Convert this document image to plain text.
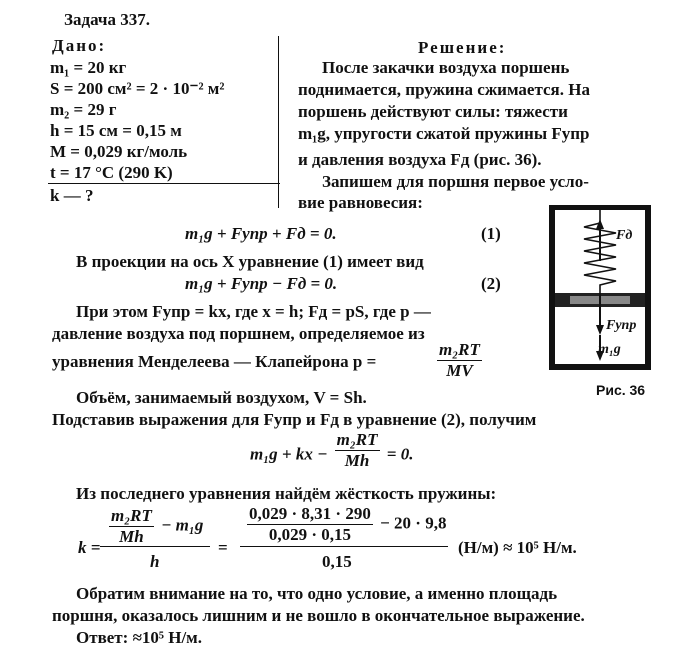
Задача 337.
Дано:
m₁ = 20 кг
S = 200 см² = 2 · 10⁻² м²
m₂ = 29 г
h = 15 см = 0,15 м
M = 0,029 кг/моль
t = 17 °C (290 K)
k — ?
Решение:
После закачки воздуха поршень
поднимается, пружина сжимается. На
поршень действуют силы: тяжести
m₁g, упругости сжатой пружины Fупр
и давления воздуха Fд (рис. 36).
Запишем для поршня первое усло-
вие равновесия:
m₁g + Fупр + Fд = 0.	(1)
В проекции на ось X уравнение (1) имеет вид
m₁g + Fупр − Fд = 0.	(2)
При этом Fупр = kx, где x = h; Fд = pS, где p —
давление воздуха под поршнем, определяемое из
уравнения Менделеева — Клапейрона p =	$\frac{\text{m₂RT}}{MV}$
Объём, занимаемый воздухом, V = Sh.
Подставив выражения для Fупр и Fд в уравнение (2), получим
m₁g + kx − $\frac{\text{m₂RT}}{Mh} = 0$.
Из последнего уравнения найдём жёсткость пружины:
k =
$\frac{\text{m₂RT}}{Mh} - m_1g$
h
=
$\frac{0,029 \cdot 8,31 \cdot 290}{0,029 \cdot 0,15} - 20 \cdot 9,8$
0,15
(Н/м) ≈ 10⁵ Н/м.
Обратим внимание на то, что одно условие, а именно площадь
поршня, оказалось лишним и не вошло в окончательное выражение.
Ответ: ≈10⁵ Н/м.
Fд
Fупр
m₁g
Рис. 36
